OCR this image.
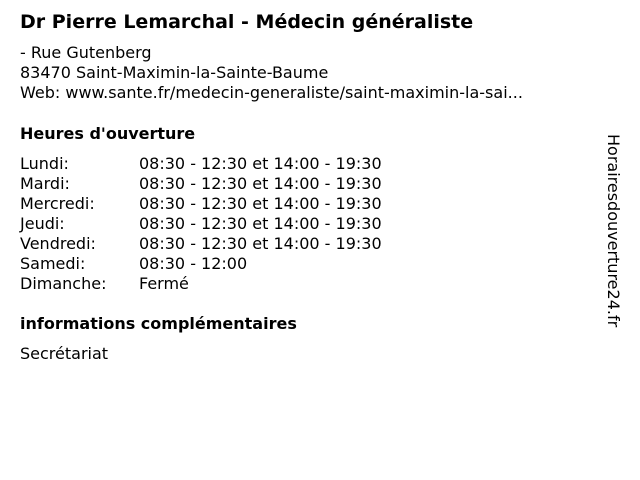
Dr Pierre Lemarchal - Médecin généraliste
- Rue Gutenberg
83470 Saint-Maximin-la-Sainte-Baume
Web: www.sante.fr/medecin-generaliste/saint-maximin-la-sai...
Heures d'ouverture
Lundi:	08:30 - 12:30 et 14:00 - 19:30
Mardi:	08:30 - 12:30 et 14:00 - 19:30
Mercredi:	08:30 - 12:30 et 14:00 - 19:30
Jeudi:	08:30 - 12:30 et 14:00 - 19:30
Vendredi:	08:30 - 12:30 et 14:00 - 19:30
Samedi:	08:30 - 12:00
Dimanche:	Fermé
informations complémentaires
Secrétariat
Horairesdouverture24.fr
